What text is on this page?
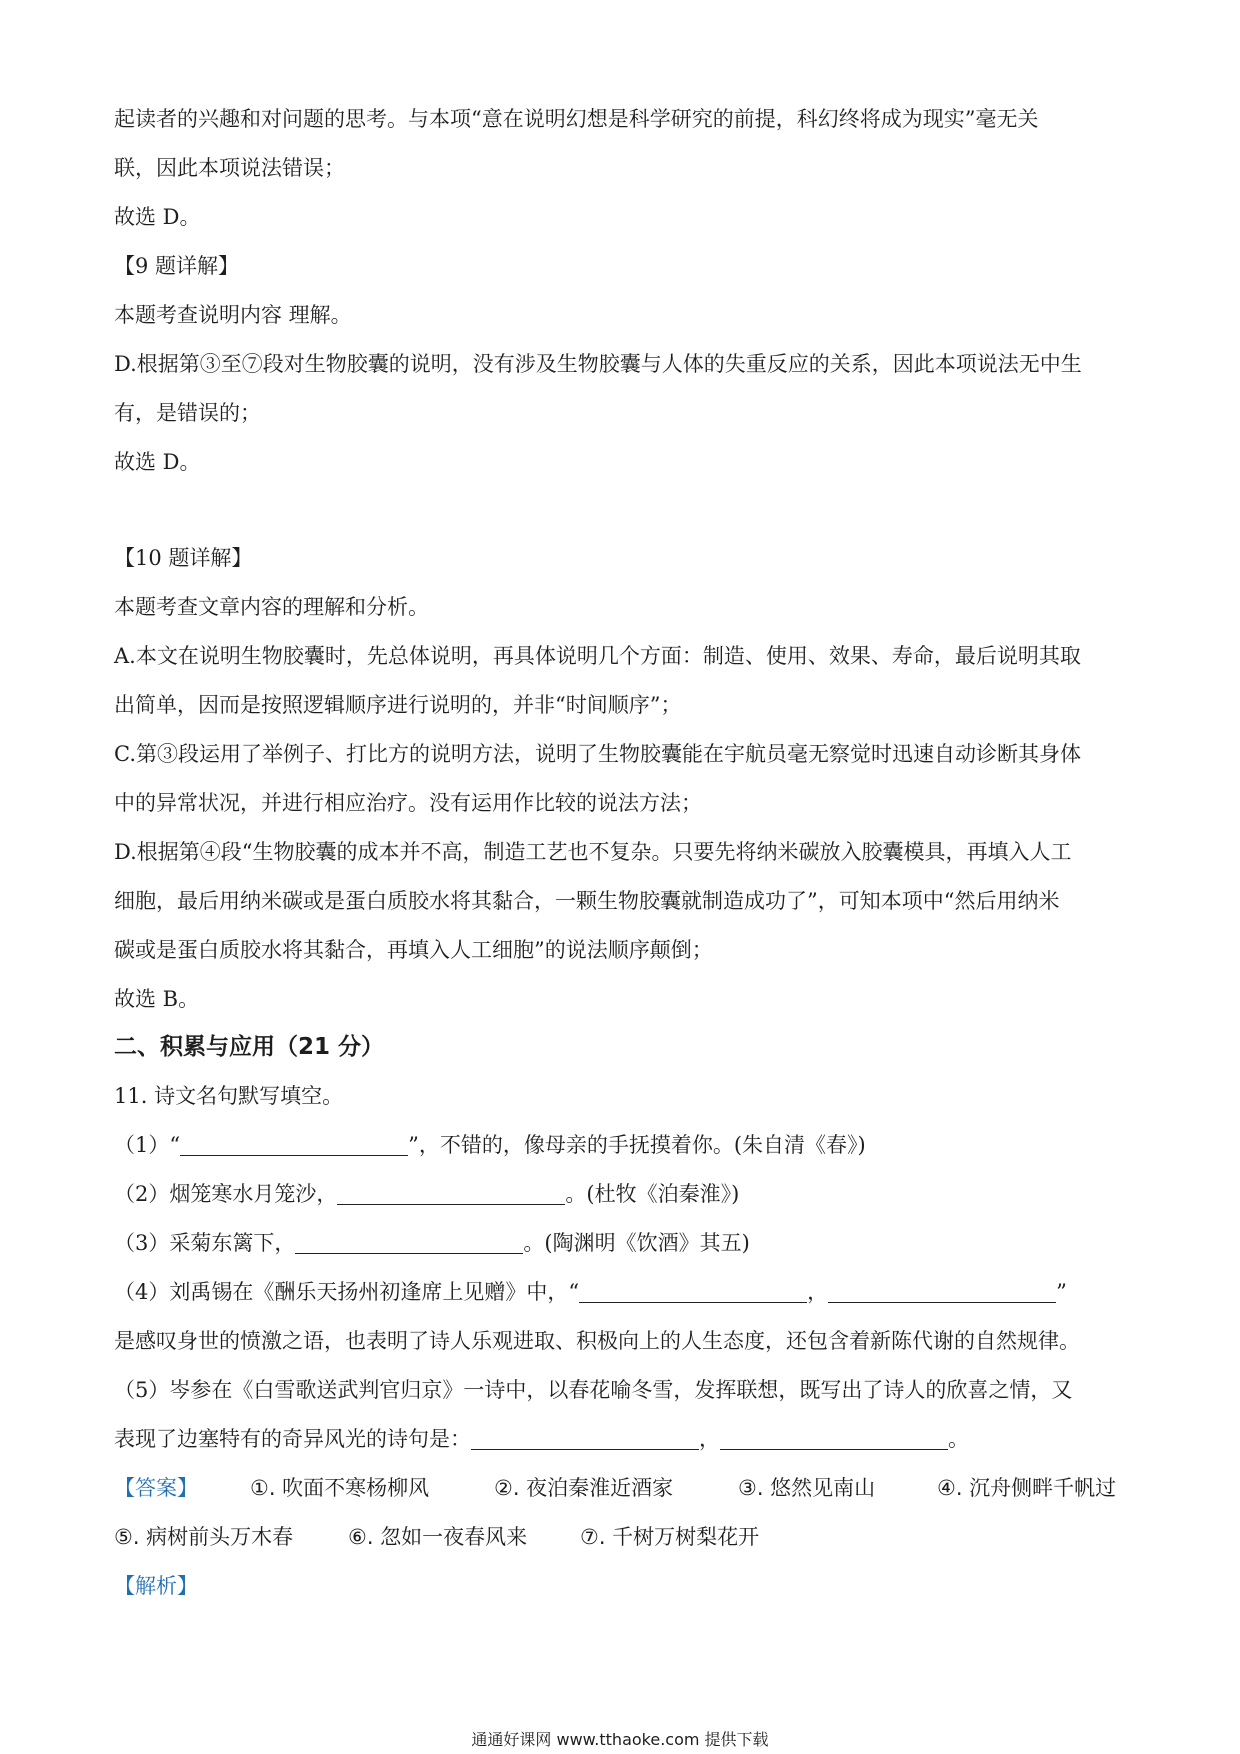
起读者的兴趣和对问题的思考。与本项“意在说明幻想是科学研究的前提，科幻终将成为现实”毫无关
联，因此本项说法错误；
故选 D。
【9 题详解】
本题考查说明内容 理解。
D.根据第③至⑦段对生物胶囊的说明，没有涉及生物胶囊与人体的失重反应的关系，因此本项说法无中生
有，是错误的；
故选 D。
【10 题详解】
本题考查文章内容的理解和分析。
A.本文在说明生物胶囊时，先总体说明，再具体说明几个方面：制造、使用、效果、寿命，最后说明其取
出简单，因而是按照逻辑顺序进行说明的，并非“时间顺序”；
C.第③段运用了举例子、打比方的说明方法，说明了生物胶囊能在宇航员毫无察觉时迅速自动诊断其身体
中的异常状况，并进行相应治疗。没有运用作比较的说法方法；
D.根据第④段“生物胶囊的成本并不高，制造工艺也不复杂。只要先将纳米碳放入胶囊模具，再填入人工
细胞，最后用纳米碳或是蛋白质胶水将其黏合，一颗生物胶囊就制造成功了”，可知本项中“然后用纳米
碳或是蛋白质胶水将其黏合，再填入人工细胞”的说法顺序颠倒；
故选 B。
二、积累与应用（21 分）
11. 诗文名句默写填空。
（1）“	”，不错的，像母亲的手抚摸着你。(朱自清《春》)
（2）烟笼寒水月笼沙，	。(杜牧《泊秦淮》)
（3）采菊东篱下，	。(陶渊明《饮酒》其五)
（4）刘禹锡在《酬乐天扬州初逢席上见赠》中，“	，	”
是感叹身世的愤激之语，也表明了诗人乐观进取、积极向上的人生态度，还包含着新陈代谢的自然规律。
（5）岑参在《白雪歌送武判官归京》一诗中，以春花喻冬雪，发挥联想，既写出了诗人的欣喜之情，又
表现了边塞特有的奇异风光的诗句是：	，	。
【答案】 ①. 吹面不寒杨柳风	②. 夜泊秦淮近酒家	③. 悠然见南山	④. 沉舟侧畔千帆过
⑤. 病树前头万木春	⑥. 忽如一夜春风来	⑦. 千树万树梨花开
【解析】
通通好课网 www.tthaoke.com 提供下载
